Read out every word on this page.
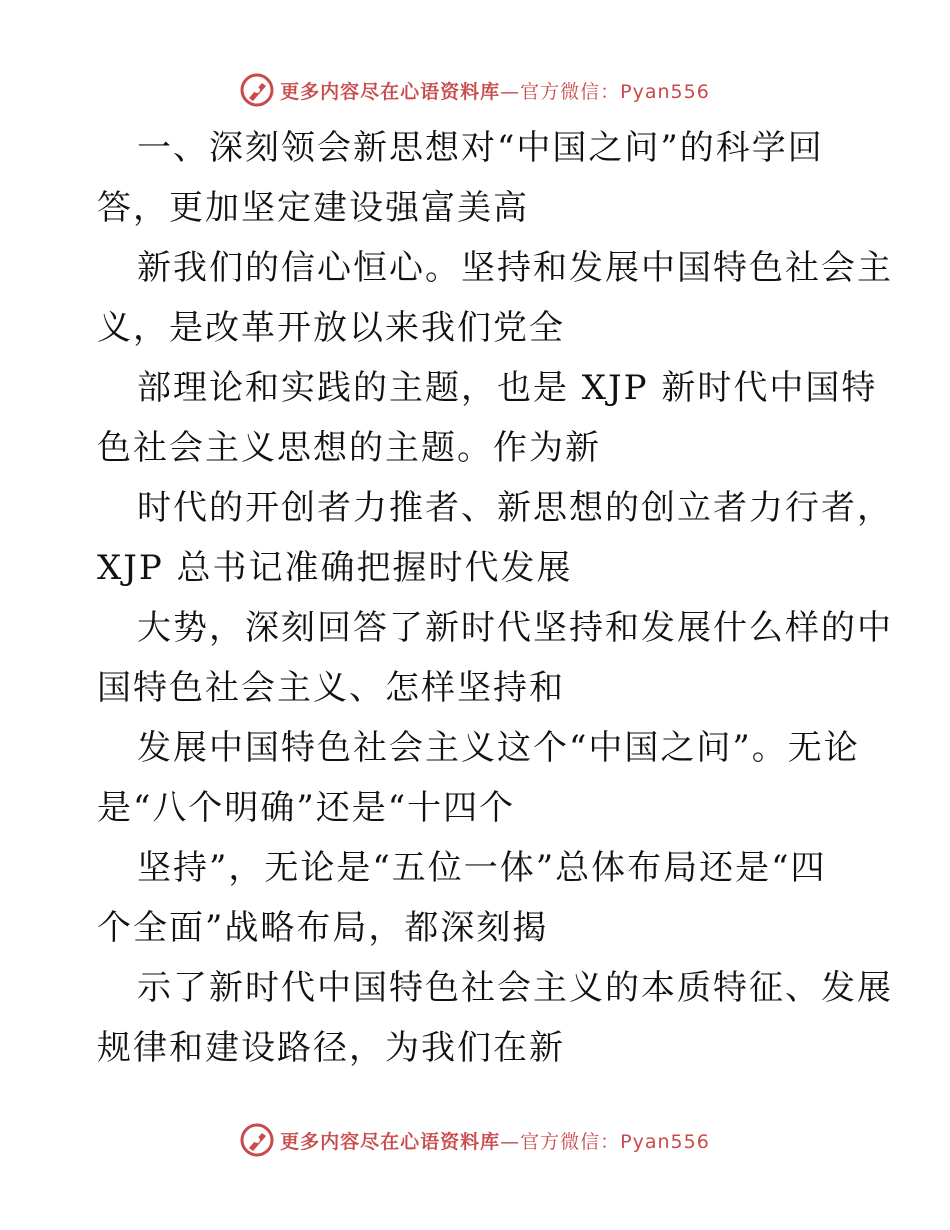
更多内容尽在心语资料库—官方微信：Pyan556
一、深刻领会新思想对“中国之问”的科学回
答，更加坚定建设强富美高
新我们的信心恒心。坚持和发展中国特色社会主
义，是改革开放以来我们党全
部理论和实践的主题，也是 XJP 新时代中国特
色社会主义思想的主题。作为新
时代的开创者力推者、新思想的创立者力行者，
XJP 总书记准确把握时代发展
大势，深刻回答了新时代坚持和发展什么样的中
国特色社会主义、怎样坚持和
发展中国特色社会主义这个“中国之问”。无论
是“八个明确”还是“十四个
坚持”，无论是“五位一体”总体布局还是“四
个全面”战略布局，都深刻揭
示了新时代中国特色社会主义的本质特征、发展
规律和建设路径，为我们在新
更多内容尽在心语资料库—官方微信：Pyan556
